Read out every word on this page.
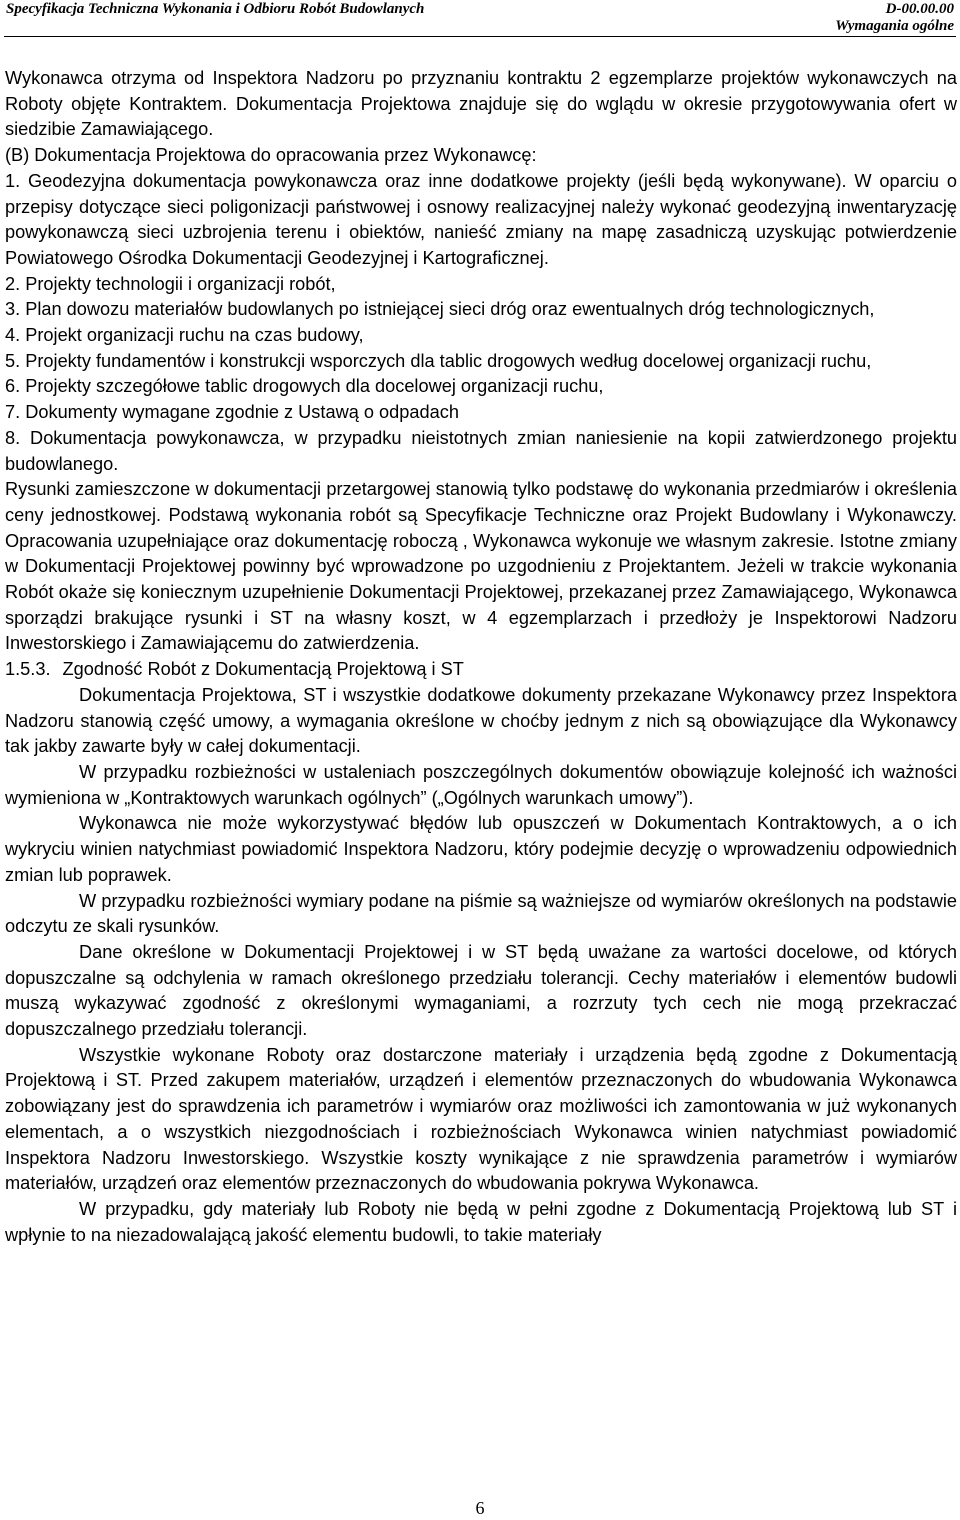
Specyfikacja Techniczna Wykonania i Odbioru Robót Budowlanych	D-00.00.00
Wymagania ogólne

Wykonawca otrzyma od Inspektora Nadzoru po przyznaniu kontraktu 2 egzemplarze projektów wykonawczych na Roboty objęte Kontraktem. Dokumentacja Projektowa znajduje się do wglądu w okresie przygotowywania ofert w siedzibie Zamawiającego.

(B) Dokumentacja Projektowa do opracowania przez Wykonawcę:

1. Geodezyjna dokumentacja powykonawcza oraz inne dodatkowe projekty (jeśli będą wykonywane). W oparciu o przepisy dotyczące sieci poligonizacji państwowej i osnowy realizacyjnej należy wykonać geodezyjną inwentaryzację powykonawczą sieci uzbrojenia terenu i obiektów, nanieść zmiany na mapę zasadniczą uzyskując potwierdzenie Powiatowego Ośrodka Dokumentacji Geodezyjnej i Kartograficznej.

2. Projekty technologii i organizacji robót,

3. Plan dowozu materiałów budowlanych po istniejącej sieci dróg oraz ewentualnych dróg technologicznych,

4. Projekt organizacji ruchu na czas budowy,

5. Projekty fundamentów i konstrukcji wsporczych dla tablic drogowych według docelowej organizacji ruchu,

6. Projekty szczegółowe tablic drogowych dla docelowej organizacji ruchu,

7. Dokumenty wymagane zgodnie z Ustawą o odpadach

8. Dokumentacja powykonawcza, w przypadku nieistotnych zmian naniesienie na kopii zatwierdzonego projektu budowlanego.

Rysunki zamieszczone w dokumentacji przetargowej stanowią tylko podstawę do wykonania przedmiarów i określenia ceny jednostkowej. Podstawą wykonania robót są Specyfikacje Techniczne oraz Projekt Budowlany i Wykonawczy. Opracowania uzupełniające oraz dokumentację roboczą , Wykonawca wykonuje we własnym zakresie. Istotne zmiany w Dokumentacji Projektowej powinny być wprowadzone po uzgodnieniu z Projektantem. Jeżeli w trakcie wykonania Robót okaże się koniecznym uzupełnienie Dokumentacji Projektowej, przekazanej przez Zamawiającego, Wykonawca sporządzi brakujące rysunki i ST na własny koszt, w 4 egzemplarzach i przedłoży je Inspektorowi Nadzoru Inwestorskiego i Zamawiającemu do zatwierdzenia.

1.5.3. Zgodność Robót z Dokumentacją Projektową i ST

Dokumentacja Projektowa, ST i wszystkie dodatkowe dokumenty przekazane Wykonawcy przez Inspektora Nadzoru stanowią część umowy, a wymagania określone w choćby jednym z nich są obowiązujące dla Wykonawcy tak jakby zawarte były w całej dokumentacji.

W przypadku rozbieżności w ustaleniach poszczególnych dokumentów obowiązuje kolejność ich ważności wymieniona w „Kontraktowych warunkach ogólnych” („Ogólnych warunkach umowy”).

Wykonawca nie może wykorzystywać błędów lub opuszczeń w Dokumentach Kontraktowych, a o ich wykryciu winien natychmiast powiadomić Inspektora Nadzoru, który podejmie decyzję o wprowadzeniu odpowiednich zmian lub poprawek.

W przypadku rozbieżności wymiary podane na piśmie są ważniejsze od wymiarów określonych na podstawie odczytu ze skali rysunków.

Dane określone w Dokumentacji Projektowej i w ST będą uważane za wartości docelowe, od których dopuszczalne są odchylenia w ramach określonego przedziału tolerancji. Cechy materiałów i elementów budowli muszą wykazywać zgodność z określonymi wymaganiami, a rozrzuty tych cech nie mogą przekraczać dopuszczalnego przedziału tolerancji.

Wszystkie wykonane Roboty oraz dostarczone materiały i urządzenia będą zgodne z Dokumentacją Projektową i ST. Przed zakupem materiałów, urządzeń i elementów przeznaczonych do wbudowania Wykonawca zobowiązany jest do sprawdzenia ich parametrów i wymiarów oraz możliwości ich zamontowania w już wykonanych elementach, a o wszystkich niezgodnościach i rozbieżnościach Wykonawca winien natychmiast powiadomić Inspektora Nadzoru Inwestorskiego. Wszystkie koszty wynikające z nie sprawdzenia parametrów i wymiarów materiałów, urządzeń oraz elementów przeznaczonych do wbudowania pokrywa Wykonawca.

W przypadku, gdy materiały lub Roboty nie będą w pełni zgodne z Dokumentacją Projektową lub ST i wpłynie to na niezadowalającą jakość elementu budowli, to takie materiały

6
